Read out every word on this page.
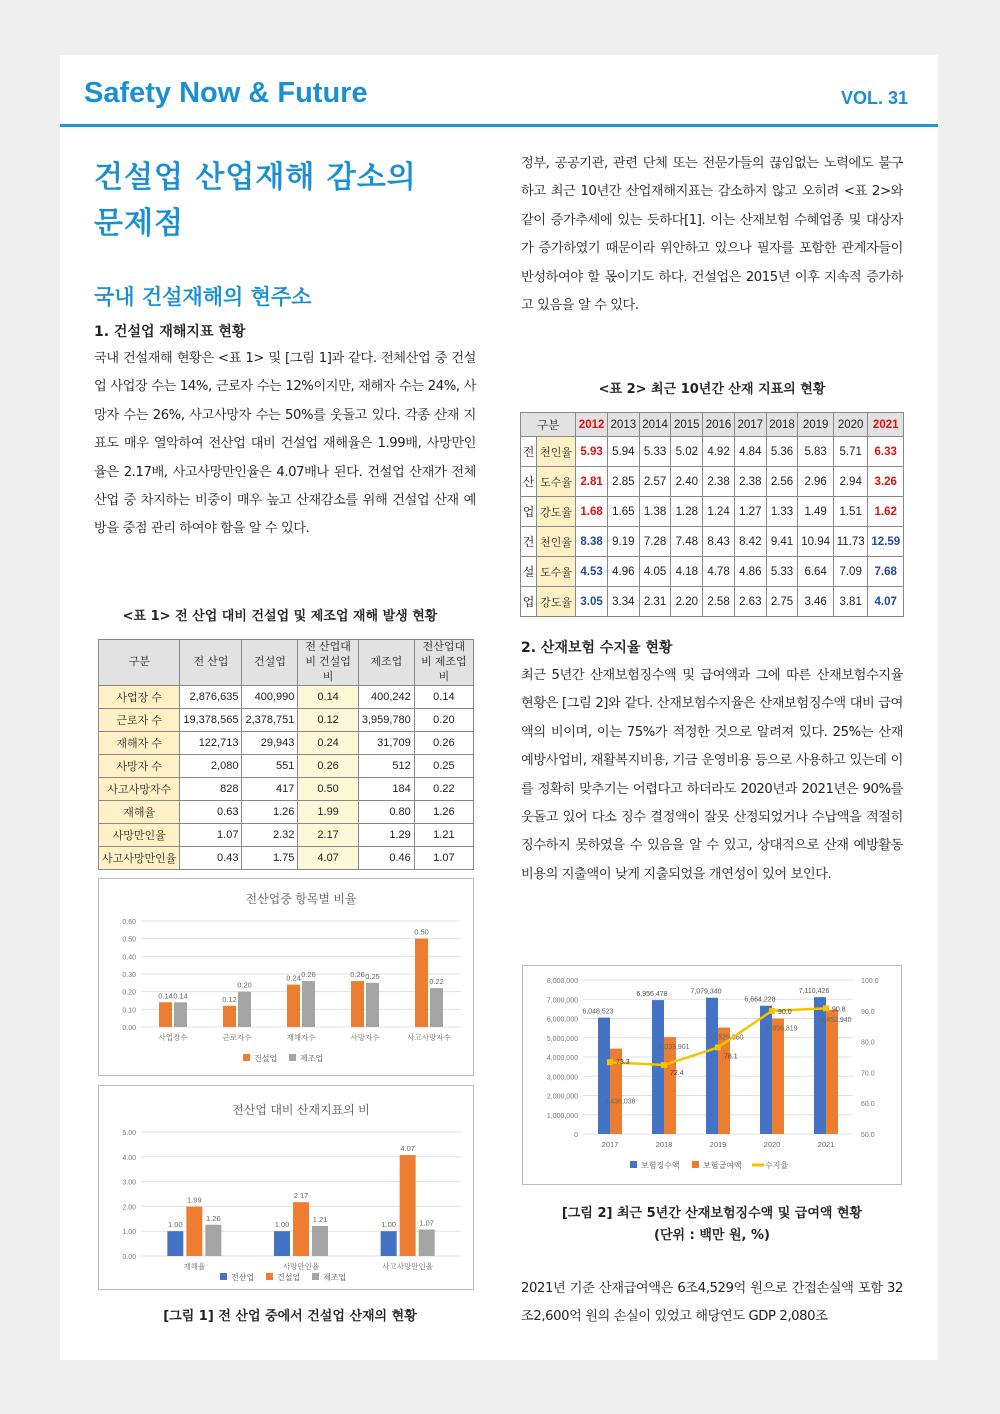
Safety Now & Future	VOL. 31
건설업 산업재해 감소의
문제점
국내 건설재해의 현주소
1. 건설업 재해지표 현황
국내 건설재해 현황은 <표 1> 및 [그림 1]과 같다. 전체산업 중 건설업 사업장 수는 14%, 근로자 수는 12%이지만, 재해자 수는 24%, 사망자 수는 26%, 사고사망자 수는 50%를 웃돌고 있다. 각종 산재 지표도 매우 열악하여 전산업 대비 건설업 재해율은 1.99배, 사망만인율은 2.17배, 사고사망만인율은 4.07배나 된다. 건설업 산재가 전체산업 중 차지하는 비중이 매우 높고 산재감소를 위해 건설업 산재 예방을 중점 관리 하여야 함을 알 수 있다.
<표 1> 전 산업 대비 건설업 및 제조업 재해 발생 현황
구분	전 산업	건설업	전 산업대비 건설업비	제조업	전산업대비 제조업비
사업장 수	2,876,635	400,990	0.14	400,242	0.14
근로자 수	19,378,565	2,378,751	0.12	3,959,780	0.20
재해자 수	122,713	29,943	0.24	31,709	0.26
사망자 수	2,080	551	0.26	512	0.25
사고사망자수	828	417	0.50	184	0.22
재해율	0.63	1.26	1.99	0.80	1.26
사망만인율	1.07	2.32	2.17	1.29	1.21
사고사망만인율	0.43	1.75	4.07	0.46	1.07
전산업중 항목별 비율
0.00
0.10
0.20
0.30
0.40
0.50
0.60
0.14 0.14
사업장수
0.12
0.20
근로자수
0.24 0.26
재해자수
0.26 0.25
사망자수
0.50
0.22
사고사망자수
건설업	제조업
전산업 대비 산재지표의 비
0.00
1.00
2.00
3.00
4.00
5.00
1.00
1.99
1.26
재해율
1.00
2.17
1.21
사망만인율
1.00
4.07
1.07
사고사망만인율
전산업	건설업	제조업
[그림 1] 전 산업 중에서 건설업 산재의 현황
정부, 공공기관, 관련 단체 또는 전문가들의 끊임없는 노력에도 불구하고 최근 10년간 산업재해지표는 감소하지 않고 오히려 <표 2>와 같이 증가추세에 있는 듯하다[1]. 이는 산재보험 수혜업종 및 대상자가 증가하였기 때문이라 위안하고 있으나 필자를 포함한 관계자들이 반성하여야 할 몫이기도 하다. 건설업은 2015년 이후 지속적 증가하고 있음을 알 수 있다.
<표 2> 최근 10년간 산재 지표의 현황
구분		2012	2013	2014	2015	2016	2017	2018	2019	2020	2021
전	천인율	5.93	5.94	5.33	5.02	4.92	4.84	5.36	5.83	5.71	6.33
산	도수율	2.81	2.85	2.57	2.40	2.38	2.38	2.56	2.96	2.94	3.26
업	강도율	1.68	1.65	1.38	1.28	1.24	1.27	1.33	1.49	1.51	1.62
건	천인율	8.38	9.19	7.28	7.48	8.43	8.42	9.41	10.94	11.73	12.59
설	도수율	4.53	4.96	4.05	4.18	4.78	4.86	5.33	6.64	7.09	7.68
업	강도율	3.05	3.34	2.31	2.20	2.58	2.63	2.75	3.46	3.81	4.07
2. 산재보험 수지율 현황
최근 5년간 산재보험징수액 및 급여액과 그에 따른 산재보험수지율 현황은 [그림 2]와 같다. 산재보험수지율은 산재보험징수액 대비 급여액의 비이며, 이는 75%가 적정한 것으로 알려져 있다. 25%는 산재 예방사업비, 재활복지비용, 기금 운영비용 등으로 사용하고 있는데 이를 정확히 맞추기는 어렵다고 하더라도 2020년과 2021년은 90%를 웃돌고 있어 다소 징수 결정액이 잘못 산정되었거나 수납액을 적절히 징수하지 못하였을 수 있음을 알 수 있고, 상대적으로 산재 예방활동비용의 지출액이 낮게 지출되었을 개연성이 있어 보인다.
0
1,000,000
2,000,000
3,000,000
4,000,000
5,000,000
6,000,000
7,000,000
8,000,000
2017	2018	2019	2020	2021
6,048,523
6,956,478	7,079,340
6,664,228
7,110,426
4,436,038
5,033,901
5,529,360
5,996,819
6,452,940
50.0
60.0
70.0
80.0
90.0
100.0
73.3
72.4
78.1
90.0	90.8
보험징수액	보험급여액	수지율
[그림 2] 최근 5년간 산재보험징수액 및 급여액 현황
(단위 : 백만 원, %)
2021년 기준 산재급여액은 6조4,529억 원으로 간접손실액 포함 32조2,600억 원의 손실이 있었고 해당연도 GDP 2,080조
